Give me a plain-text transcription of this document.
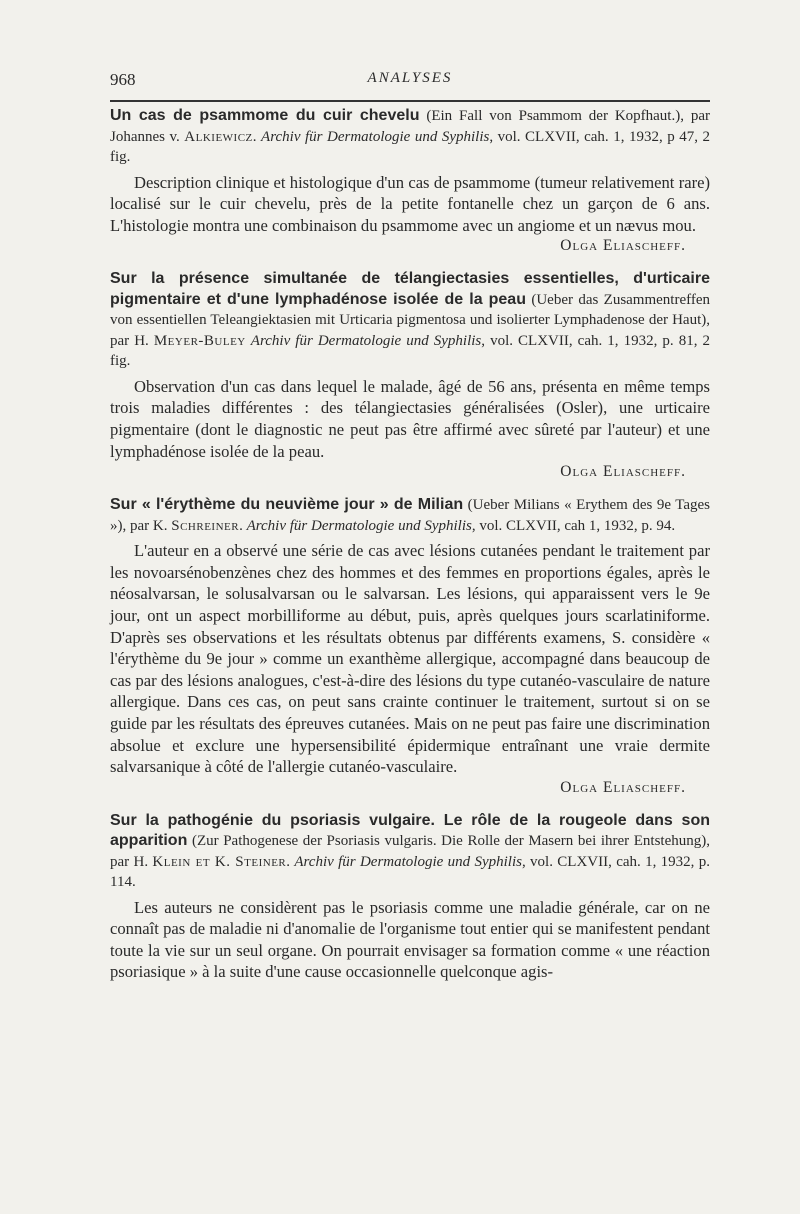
968	ANALYSES

Un cas de psammome du cuir chevelu (Ein Fall von Psammom der Kopfhaut.), par Johannes v. Alkiewicz. Archiv für Dermatologie und Syphilis, vol. CLXVII, cah. 1, 1932, p 47, 2 fig.

Description clinique et histologique d'un cas de psammome (tumeur relativement rare) localisé sur le cuir chevelu, près de la petite fontanelle chez un garçon de 6 ans. L'histologie montra une combinaison du psammome avec un angiome et un nævus mou.

Olga Eliascheff.

Sur la présence simultanée de télangiectasies essentielles, d'urticaire pigmentaire et d'une lymphadénose isolée de la peau (Ueber das Zusammentreffen von essentiellen Teleangiektasien mit Urticaria pigmentosa und isolierter Lymphadenose der Haut), par H. Meyer-Buley Archiv für Dermatologie und Syphilis, vol. CLXVII, cah. 1, 1932, p. 81, 2 fig.

Observation d'un cas dans lequel le malade, âgé de 56 ans, présenta en même temps trois maladies différentes : des télangiectasies généralisées (Osler), une urticaire pigmentaire (dont le diagnostic ne peut pas être affirmé avec sûreté par l'auteur) et une lymphadénose isolée de la peau.

Olga Eliascheff.

Sur « l'érythème du neuvième jour » de Milian (Ueber Milians « Erythem des 9e Tages »), par K. Schreiner. Archiv für Dermatologie und Syphilis, vol. CLXVII, cah 1, 1932, p. 94.

L'auteur en a observé une série de cas avec lésions cutanées pendant le traitement par les novoarsénobenzènes chez des hommes et des femmes en proportions égales, après le néosalvarsan, le solusalvarsan ou le salvarsan. Les lésions, qui apparaissent vers le 9e jour, ont un aspect morbilliforme au début, puis, après quelques jours scarlatiniforme. D'après ses observations et les résultats obtenus par différents examens, S. considère « l'érythème du 9e jour » comme un exanthème allergique, accompagné dans beaucoup de cas par des lésions analogues, c'est-à-dire des lésions du type cutanéo-vasculaire de nature allergique. Dans ces cas, on peut sans crainte continuer le traitement, surtout si on se guide par les résultats des épreuves cutanées. Mais on ne peut pas faire une discrimination absolue et exclure une hypersensibilité épidermique entraînant une vraie dermite salvarsanique à côté de l'allergie cutanéo-vasculaire.

Olga Eliascheff.

Sur la pathogénie du psoriasis vulgaire. Le rôle de la rougeole dans son apparition (Zur Pathogenese der Psoriasis vulgaris. Die Rolle der Masern bei ihrer Entstehung), par H. Klein et K. Steiner. Archiv für Dermatologie und Syphilis, vol. CLXVII, cah. 1, 1932, p. 114.

Les auteurs ne considèrent pas le psoriasis comme une maladie générale, car on ne connaît pas de maladie ni d'anomalie de l'organisme tout entier qui se manifestent pendant toute la vie sur un seul organe. On pourrait envisager sa formation comme « une réaction psoriasique » à la suite d'une cause occasionnelle quelconque agis-
